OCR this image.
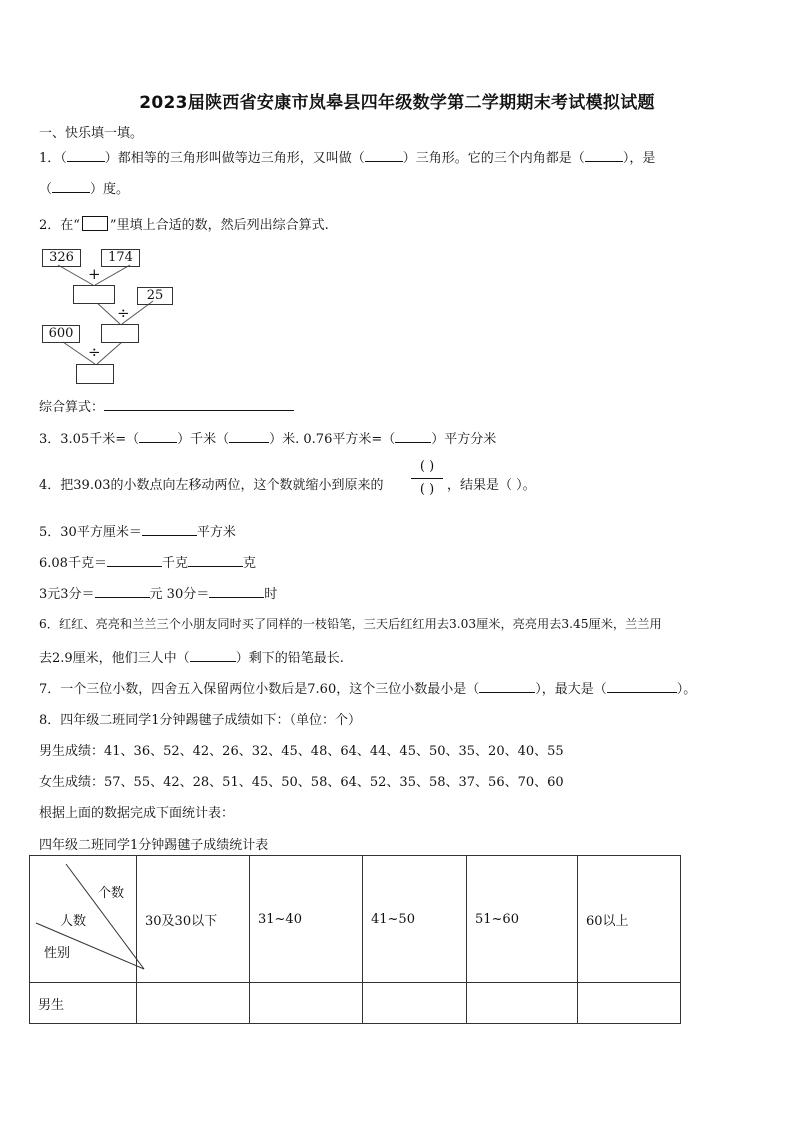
2023届陕西省安康市岚皋县四年级数学第二学期期末考试模拟试题
一、快乐填一填。
1．（	）都相等的三角形叫做等边三角形，又叫做（	）三角形。它的三个内角都是（	），是
（	）度。
2．在“ ”里填上合适的数，然后列出综合算式.
326	174
+
25
÷
600
÷
综合算式：
3．3.05千米=（	）千米（	）米. 0.76平方米=（	）平方分米
4．把39.03的小数点向左移动两位，这个数就缩小到原来的
( )
( ) ，结果是（ ）。
5．30平方厘米＝	平方米
6.08千克＝	千克	克
3元3分＝	元 30分＝	时
6．红红、亮亮和兰兰三个小朋友同时买了同样的一枝铅笔，三天后红红用去3.03厘米，亮亮用去3.45厘米，兰兰用
去2.9厘米，他们三人中（	）剩下的铅笔最长.
7．一个三位小数，四舍五入保留两位小数后是7.60，这个三位小数最小是（	），最大是（	）。
8．四年级二班同学1分钟踢毽子成绩如下：（单位：个）
男生成绩：41、36、52、42、26、32、45、48、64、44、45、50、35、20、40、55
女生成绩：57、55、42、28、51、45、50、58、64、52、35、58、37、56、70、60
根据上面的数据完成下面统计表：
四年级二班同学1分钟踢毽子成绩统计表
个数
人数
性别	30及30以下	31~40	41~50	51~60	60以上
男生					
